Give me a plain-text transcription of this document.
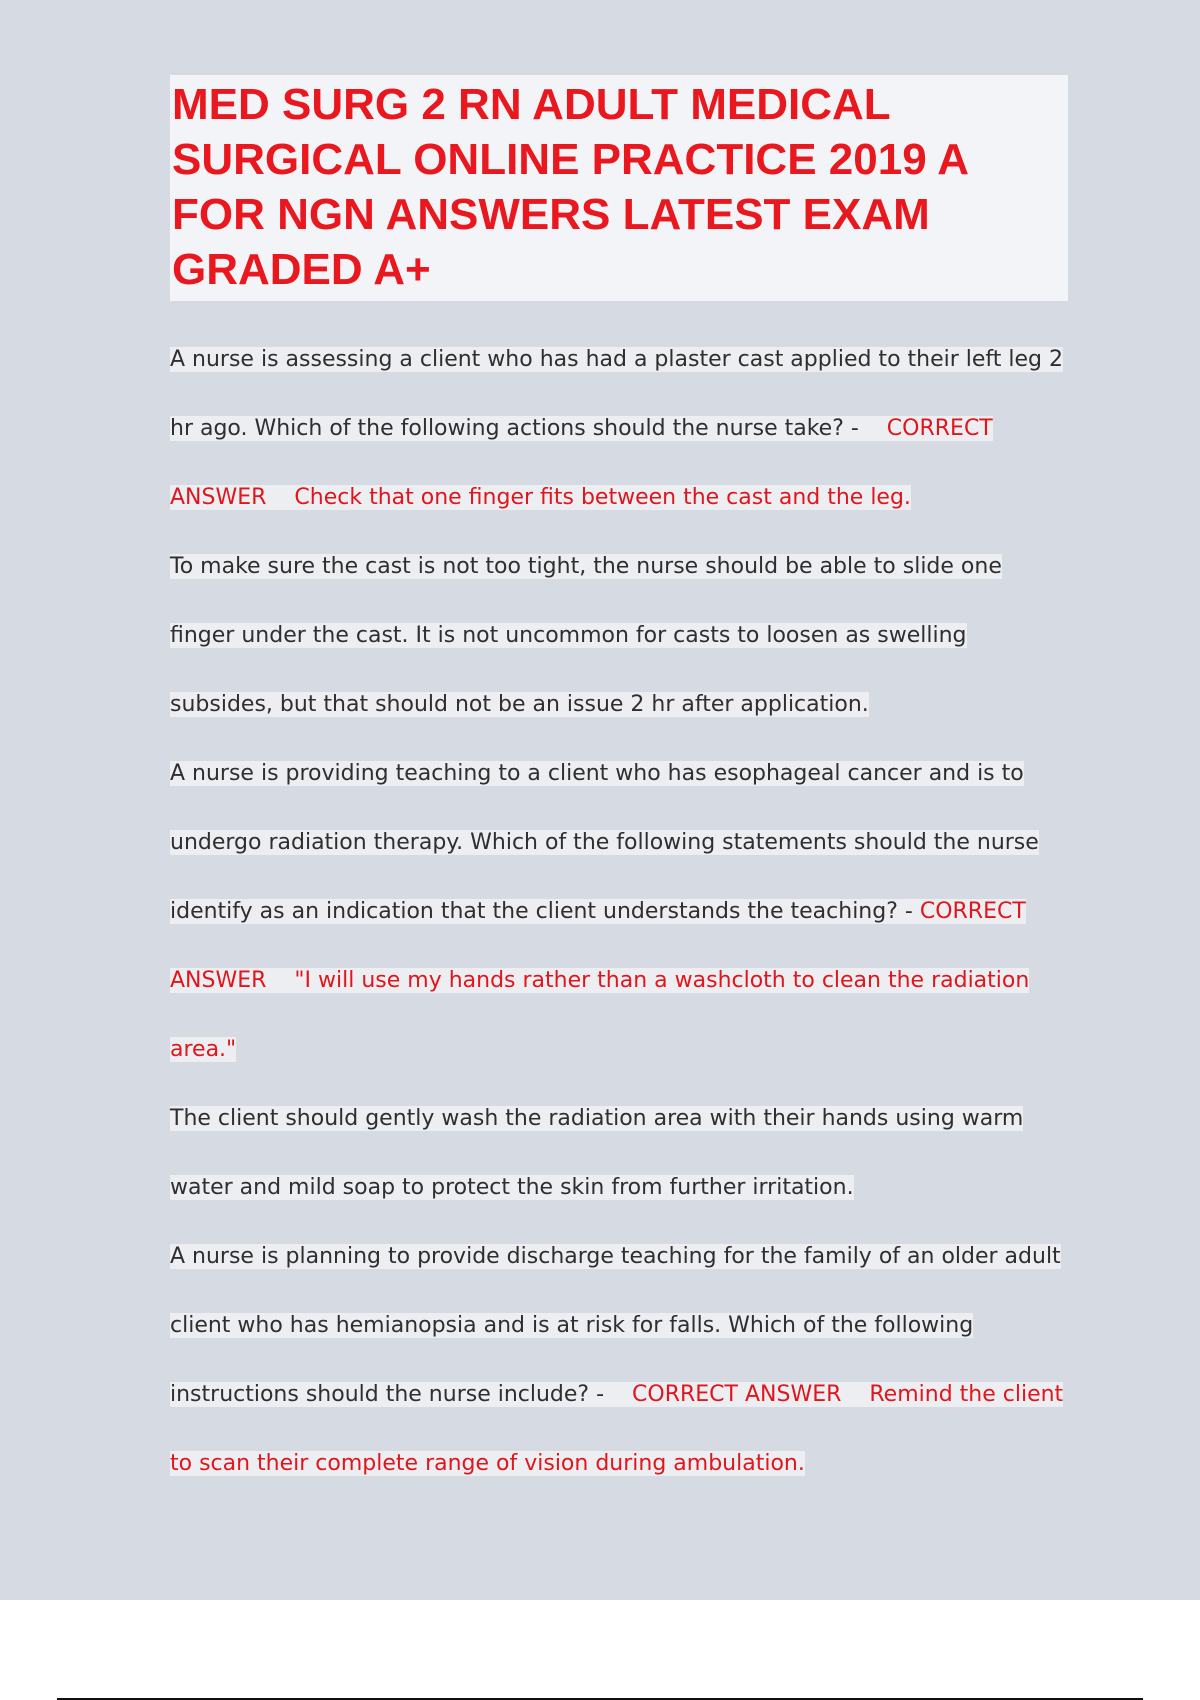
MED SURG 2 RN ADULT MEDICAL SURGICAL ONLINE PRACTICE 2019 A FOR NGN ANSWERS LATEST EXAM GRADED A+

A nurse is assessing a client who has had a plaster cast applied to their left leg 2 hr ago. Which of the following actions should the nurse take? - CORRECT ANSWER Check that one finger fits between the cast and the leg.

To make sure the cast is not too tight, the nurse should be able to slide one finger under the cast. It is not uncommon for casts to loosen as swelling subsides, but that should not be an issue 2 hr after application.

A nurse is providing teaching to a client who has esophageal cancer and is to undergo radiation therapy. Which of the following statements should the nurse identify as an indication that the client understands the teaching? - CORRECT ANSWER "I will use my hands rather than a washcloth to clean the radiation area."

The client should gently wash the radiation area with their hands using warm water and mild soap to protect the skin from further irritation.

A nurse is planning to provide discharge teaching for the family of an older adult client who has hemianopsia and is at risk for falls. Which of the following instructions should the nurse include? - CORRECT ANSWER Remind the client to scan their complete range of vision during ambulation.
